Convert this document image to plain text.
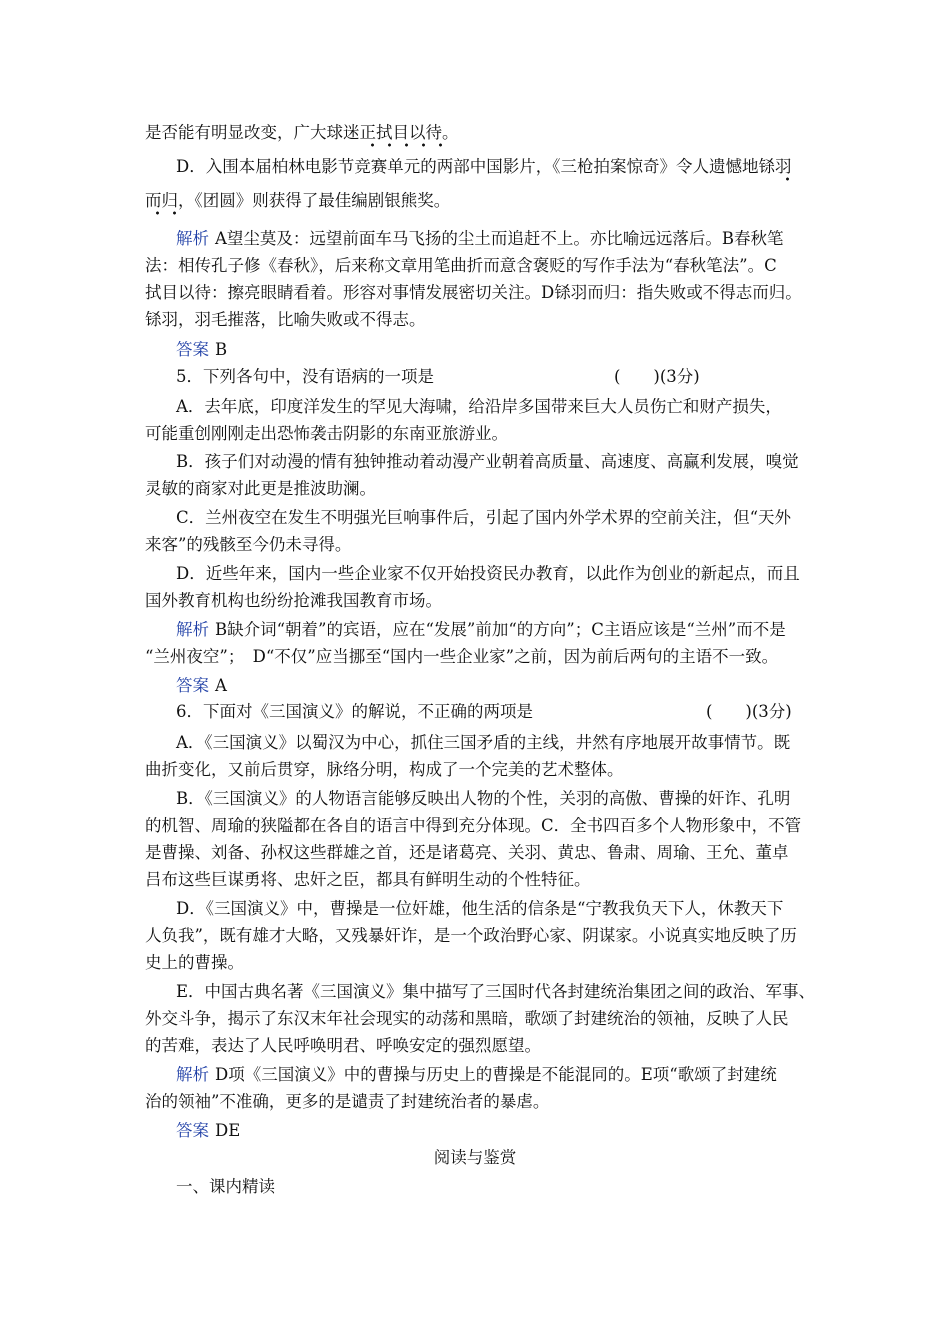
是否能有明显改变，广大球迷正拭目以待。
D．入围本届柏林电影节竞赛单元的两部中国影片，《三枪拍案惊奇》令人遗憾地铩羽
而归，《团圆》则获得了最佳编剧银熊奖。
解析 A望尘莫及：远望前面车马飞扬的尘土而追赶不上。亦比喻远远落后。B春秋笔
法：相传孔子修《春秋》，后来称文章用笔曲折而意含褒贬的写作手法为“春秋笔法”。C
拭目以待：擦亮眼睛看着。形容对事情发展密切关注。D铩羽而归：指失败或不得志而归。
铩羽，羽毛摧落，比喻失败或不得志。
答案 B
5．下列各句中，没有语病的一项是	(　　)(3分)
A．去年底，印度洋发生的罕见大海啸，给沿岸多国带来巨大人员伤亡和财产损失，
可能重创刚刚走出恐怖袭击阴影的东南亚旅游业。
B．孩子们对动漫的情有独钟推动着动漫产业朝着高质量、高速度、高赢利发展，嗅觉
灵敏的商家对此更是推波助澜。
C．兰州夜空在发生不明强光巨响事件后，引起了国内外学术界的空前关注，但“天外
来客”的残骸至今仍未寻得。
D．近些年来，国内一些企业家不仅开始投资民办教育，以此作为创业的新起点，而且
国外教育机构也纷纷抢滩我国教育市场。
解析 B缺介词“朝着”的宾语，应在“发展”前加“的方向”；C主语应该是“兰州”而不是
“兰州夜空”；　D“不仅”应当挪至“国内一些企业家”之前，因为前后两句的主语不一致。
答案 A
6．下面对《三国演义》的解说，不正确的两项是	(　　)(3分)
A．《三国演义》以蜀汉为中心，抓住三国矛盾的主线，井然有序地展开故事情节。既
曲折变化，又前后贯穿，脉络分明，构成了一个完美的艺术整体。
B．《三国演义》的人物语言能够反映出人物的个性，关羽的高傲、曹操的奸诈、孔明
的机智、周瑜的狭隘都在各自的语言中得到充分体现。C．全书四百多个人物形象中，不管
是曹操、刘备、孙权这些群雄之首，还是诸葛亮、关羽、黄忠、鲁肃、周瑜、王允、董卓
吕布这些巨谋勇将、忠奸之臣，都具有鲜明生动的个性特征。
D．《三国演义》中，曹操是一位奸雄，他生活的信条是“宁教我负天下人，休教天下
人负我”，既有雄才大略，又残暴奸诈，是一个政治野心家、阴谋家。小说真实地反映了历
史上的曹操。
E．中国古典名著《三国演义》集中描写了三国时代各封建统治集团之间的政治、军事、
外交斗争，揭示了东汉末年社会现实的动荡和黑暗，歌颂了封建统治的领袖，反映了人民
的苦难，表达了人民呼唤明君、呼唤安定的强烈愿望。
解析 D项《三国演义》中的曹操与历史上的曹操是不能混同的。E项“歌颂了封建统
治的领袖”不准确，更多的是谴责了封建统治者的暴虐。
答案 DE
阅读与鉴赏
一、课内精读
